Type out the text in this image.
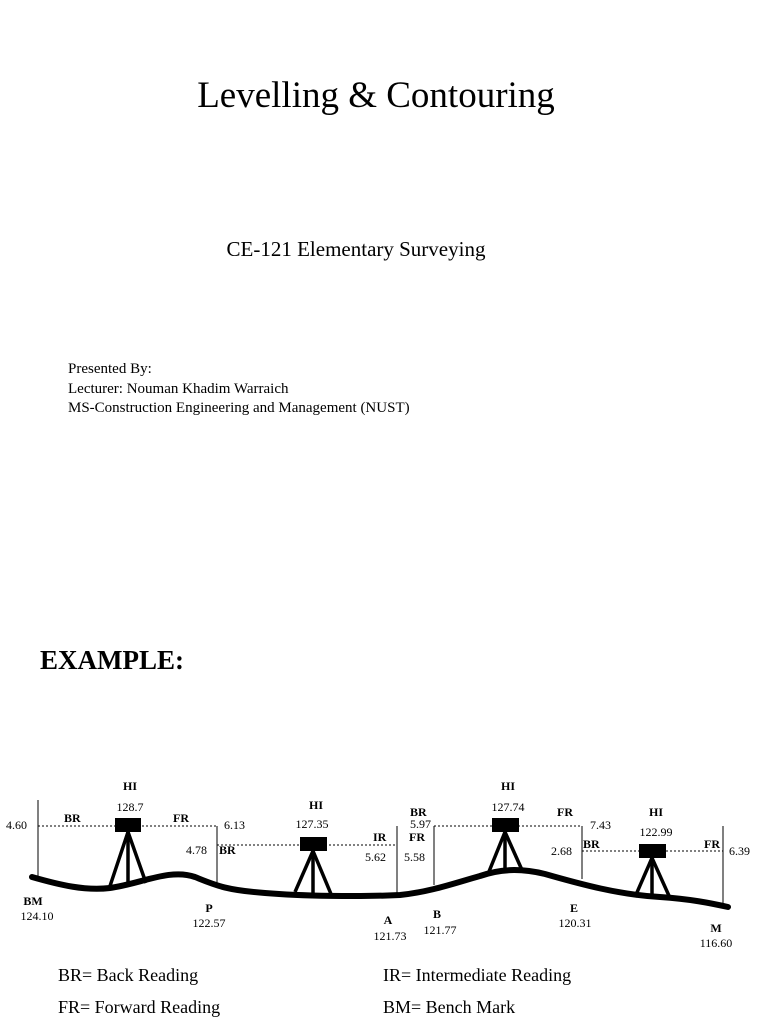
Levelling & Contouring
CE-121 Elementary Surveying
Presented By:
Lecturer: Nouman Khadim Warraich
MS-Construction Engineering and Management (NUST)
EXAMPLE:
HI
128.7	HI
127.35
HI
127.74	HI
122.99
4.60	BR	FR	6.13
4.78 BR
IR
5.62
BR
5.97
FR
5.58
FR
7.43
2.68 BR	FR 6.39
BM
124.10
P
122.57	A
121.73
B
121.77
E
120.31	M
116.60
BR= Back Reading
FR= Forward Reading
IR= Intermediate Reading
BM= Bench Mark
